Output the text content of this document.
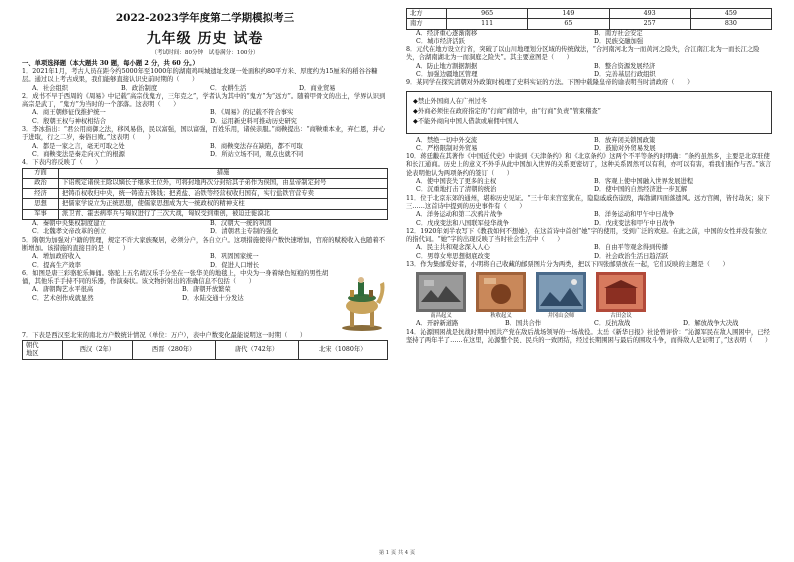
2022-2023学年度第二学期模拟考三
九年级 历史 试卷
（考试时间：80分钟　试卷满分：100分）
一、单项选择题（本大题共 30 题，每小题 2 分，共 60 分。）

1．2021年1月，考古人员在距今约5000年至1000年的湖南鸡叫城遗址发现一处面积约80平方米、厚度约为15厘米的稻谷谷糠层。通过以上考古成果，我们能够直接认识史前时期的（　　）

A．社会组织	B．政治制度	C．农耕生活	D．商业贸易

2．成书不早于西周的《周易》中记载“高宗伐鬼方，三年克之”，学者认为其中的“鬼方”为“远方”。随着甲骨文的出土，学界认识到高宗是武丁，“鬼方”为当时的一个部落。这表明（　　）

A．商王朝修征伐推护统一	B．《周易》的记载不符合事实
C．殷朝王权与神权相结合	D．运用新史料可推动历史研究

3．李冰指出：“君公用商御之法，移风易俗，民以富强，国以富强，百姓乐用，诸侯亲服。”商鞅提出：“商鞅重本业，弃仁恩，并心于进取，行之二岁，秦俗日败。”这表明（　　）

A．都是一家之言，毫无可取之处	B．商鞅变法存在缺陷，都不可取
C．商鞅变法是秦走向灭亡的根源	D．所站立场不同，观点也就不同

4．下表内容反映了（　　）

方面	措施
政治	下诏规定诸侯王除以嫡长子继承王位外，可将封地再次分封给其子弟作为侯国，由皇帝制定封号
经济	把铸币权收归中央，统一铸造五铢钱；把煮盐、冶铁等经营权收归国有，实行盐铁官营专卖
思想	把儒家学说立为正统思想，使儒家思想成为大一统政权的精神支柱
军事	派卫青、霍去病率兵与匈奴进行了三次大战，匈奴受到重创，被迫迁徙漠北
A．秦朝中央集权制度建立	B．汉朝大一统的巩固
C．北魏孝文帝改革的创立	D．清朝君主专制的强化

5．隋朝为加强对户籍的管理，规定不许大家族聚居，必须分户，各自立户。这项措施使得户数快速增加，官府的赋税收入也随着不断增加。该措施的直接目的是（　　）

A．增加政府收入	B．巩固国家统一
C．提高生产效率	D．促进人口增长

6．如图是唐三彩骆驼乐舞俑。骆驼上五名胡汉乐手分坐在一张华美的地毯上，中央为一身着绿色短袍的男性胡俑，其他乐手手持不同的乐器，作演奏状。该文物折射出的准确信息不包括（　　）

A．唐朝陶艺水平很高	B．唐朝开放繁荣
C．艺术创作成就显然	D．水陆交通十分发达

7．下表是西汉至北宋的南北方户数统计情况（单位：万户），表中户数变化最能说明这一时期（　　）

朝代
地区	西汉（2年）	西晋（280年）	唐代（742年）	北宋（1080年）
北方	965	149	493	459
南方	111	65	257	830
A．经济重心逐渐南移	B．南方社会安定
C．城市经济活跃	D．民族交融加强

8．元代在地方设立行省，突破了以山川地理划分区域的传统做法，“合河南河北为一而黄河之险失，合江南江北为一而长江之险失，合湖南湖北为一而洞庭之险失”。其主要意图是（　　）

A．防止地方割据割据	B．整合资源发展经济
C．加强边疆地区管理	D．完善基层行政组织

9．某同学在探究清朝对外政策时梳理了史料实证的方法。下图中载隆皇帝的谕表明当时清政府（　　）

◆禁止外国商人在广州过冬
◆外商必须住在政府指定的“行商”商馆中，由“行商”负责“管束稽查”
◆不能外商向中国人借款或雇佣中国人
A．禁绝一切中外交流	B．放弃闭关锁国政策
C．严格限制对外贸易	D．鼓励对外贸易发展

10．蒋廷黻在其著作《中国近代史》中谈到《天津条约》和《北京条约》这两个不平等条约时明确：“条约虽然多，主要是北京驻使和长江通商。历史上的意义不外乎从此中国加入世界的关系更密切了，这种关系固然可以有利，亦可以有害，看我们振作与否。”该言论表明他认为两项条约的签订（　　）

A．使中国丧失了更多的主权	B．客观上使中国融入世界发展进程
C．沉重地打击了清朝的统治	D．使中国的自然经济进一步瓦解

11．位于北京东郊的通州，堪称历史见证。“三十年来宫室犹在，隐隐戚戚伤崩毁，海渤湖四面落遗风。远方宫阙，皆付劫灰；泉下三……这首诗中提到的历史事件有（　　）

A．洋务运动和第二次鸦片战争	B．洋务运动和甲午中日战争
C．戊戌变法和八国联军侵华战争	D．戊戌变法和甲午中日战争

12．1920年刘半农写下《教我如何不想她》，在这首诗中首创“她”字的使用，受到广泛的欢迎。在此之前，中国的女性并没有独立的指代词。“她”字的出现反映了当时社会生活中（　　）

A．民主共和观念深入人心	B．自由平等观念得到传播
C．男尊女卑思想彻底改变	D．社会政治生活日趋活跃

13．作为集邮爱好者，小明将自己收藏的邮票图片分为两类，把以下四张邮票放在一起，它们反映的主题是（　　）

南昌起义	秋收起义	井冈山会师	古田会议
A．开辟新道路	B．国共合作	C．反抗敌战	D．解放战争大决战

14．沁源围困战是抗战时期中国共产党在敌后战场领导的一场战役。太岳《新华日报》社论曾评价：“沁源军民在敌人围困中，已经坚持了两年半了……在这里，沁源整个民、民兵的一致团结，经过长期围困与最后的围攻斗争，而得敌人是证明了，”这表明（　　）

第 1 页 共 4 页
